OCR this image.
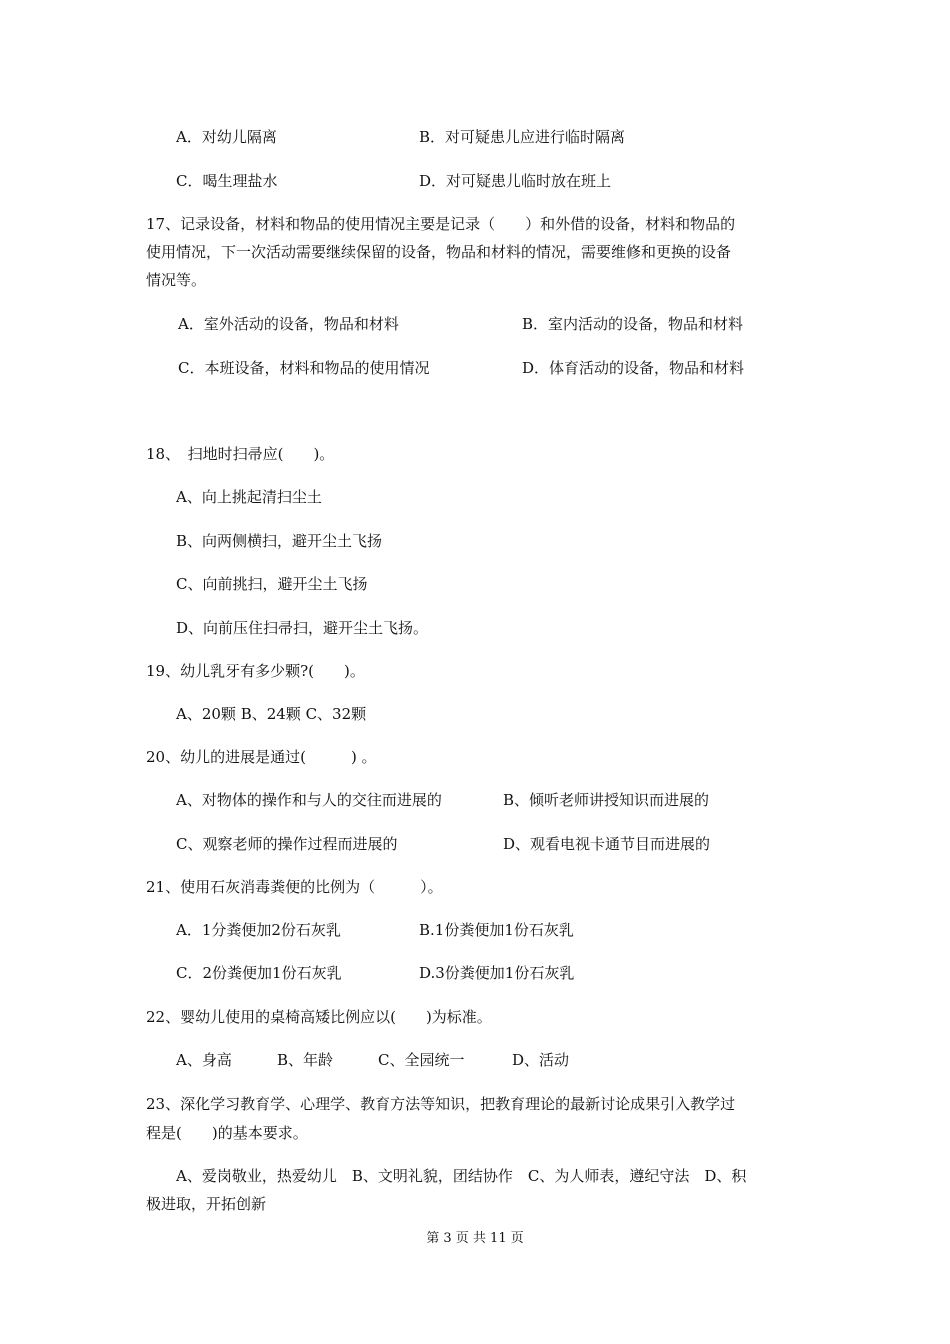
A．对幼儿隔离	B．对可疑患儿应进行临时隔离
C．喝生理盐水	D．对可疑患儿临时放在班上
17、记录设备，材料和物品的使用情况主要是记录（　　）和外借的设备，材料和物品的
使用情况，下一次活动需要继续保留的设备，物品和材料的情况，需要维修和更换的设备
情况等。
A．室外活动的设备，物品和材料	B．室内活动的设备，物品和材料
C．本班设备，材料和物品的使用情况	D．体育活动的设备，物品和材料
18、　扫地时扫帚应(　　)。
A、向上挑起清扫尘土
B、向两侧横扫，避开尘土飞扬
C、向前挑扫，避开尘土飞扬
D、向前压住扫帚扫，避开尘土飞扬。
19、幼儿乳牙有多少颗?(　　)。
A、20颗 B、24颗 C、32颗
20、幼儿的进展是通过(　　　) 。
A、对物体的操作和与人的交往而进展的	B、倾听老师讲授知识而进展的
C、观察老师的操作过程而进展的	D、观看电视卡通节目而进展的
21、使用石灰消毒粪便的比例为（　　　）。
A．1分粪便加2份石灰乳	B.1份粪便加1份石灰乳
C．2份粪便加1份石灰乳	D.3份粪便加1份石灰乳
22、婴幼儿使用的桌椅高矮比例应以(　　)为标准。
A、身高	B、年龄	C、全园统一	D、活动
23、深化学习教育学、心理学、教育方法等知识，把教育理论的最新讨论成果引入教学过
程是(　　)的基本要求。
A、爱岗敬业，热爱幼儿　B、文明礼貌，团结协作　C、为人师表，遵纪守法　D、积
极进取，开拓创新
第 3 页 共 11 页
